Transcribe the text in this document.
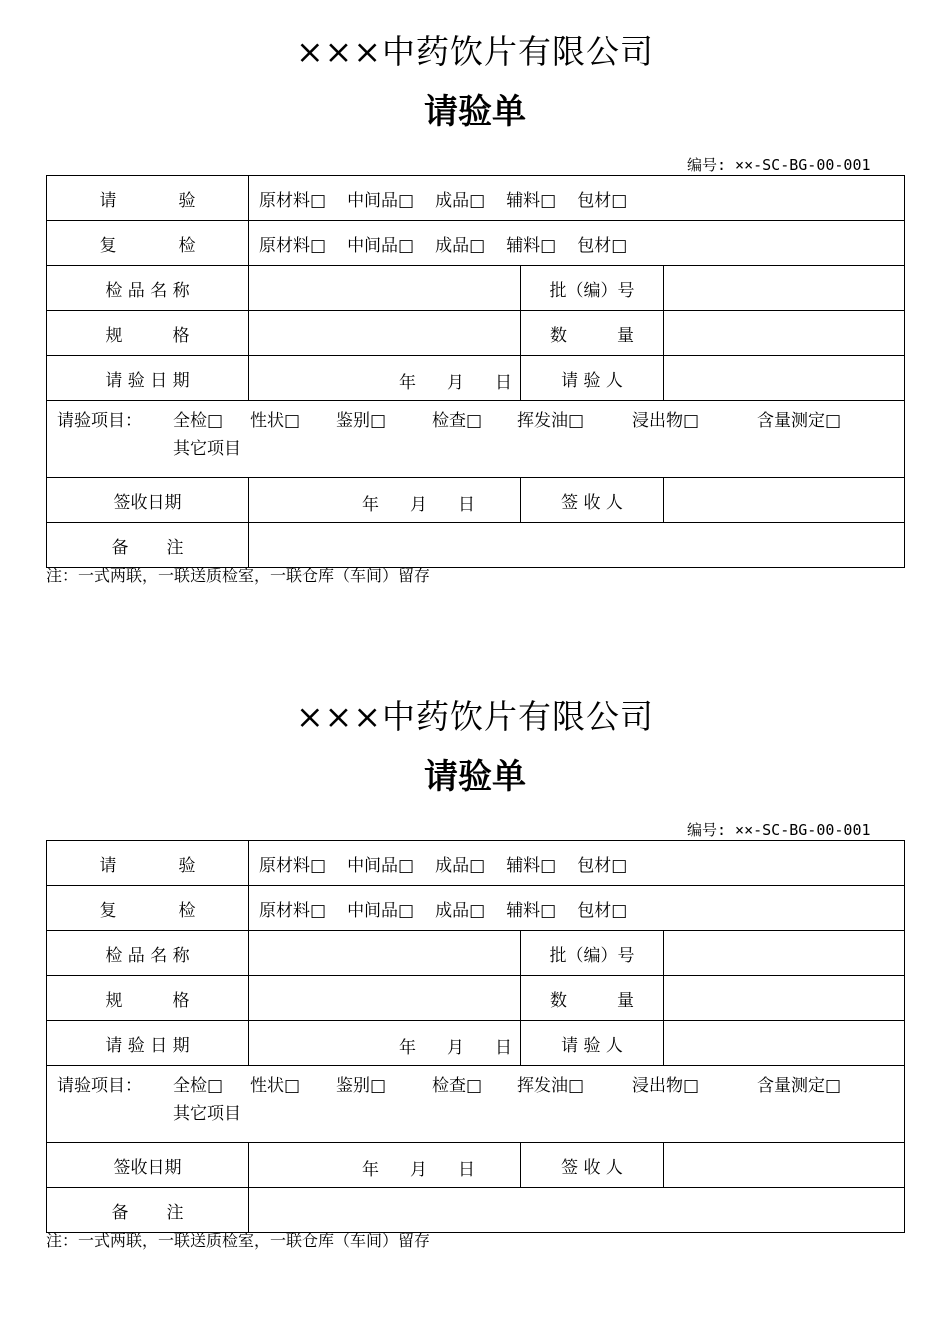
×××中药饮片有限公司
请验单
编号: ××-SC-BG-00-001
请 验	原材料□ 中间品□ 成品□ 辅料□ 包材□		
复 检	原材料□ 中间品□ 成品□ 辅料□ 包材□		
检 品 名 称		批（编）号	
规 格		数 量	
请 验 日 期	年 月 日	请 验 人	

请验项目： 全检□ 性状□ 鉴别□ 检查□ 挥发油□ 浸出物□ 含量测定□
其它项目			

签收日期	年 月 日	签 收 人	
备 注			
注：一式两联，一联送质检室，一联仓库（车间）留存
×××中药饮片有限公司
请验单
编号: ××-SC-BG-00-001
请 验	原材料□ 中间品□ 成品□ 辅料□ 包材□		
复 检	原材料□ 中间品□ 成品□ 辅料□ 包材□		
检 品 名 称		批（编）号	
规 格		数 量	
请 验 日 期	年 月 日	请 验 人	

请验项目： 全检□ 性状□ 鉴别□ 检查□ 挥发油□ 浸出物□ 含量测定□
其它项目			

签收日期	年 月 日	签 收 人	
备 注			
注：一式两联，一联送质检室，一联仓库（车间）留存
